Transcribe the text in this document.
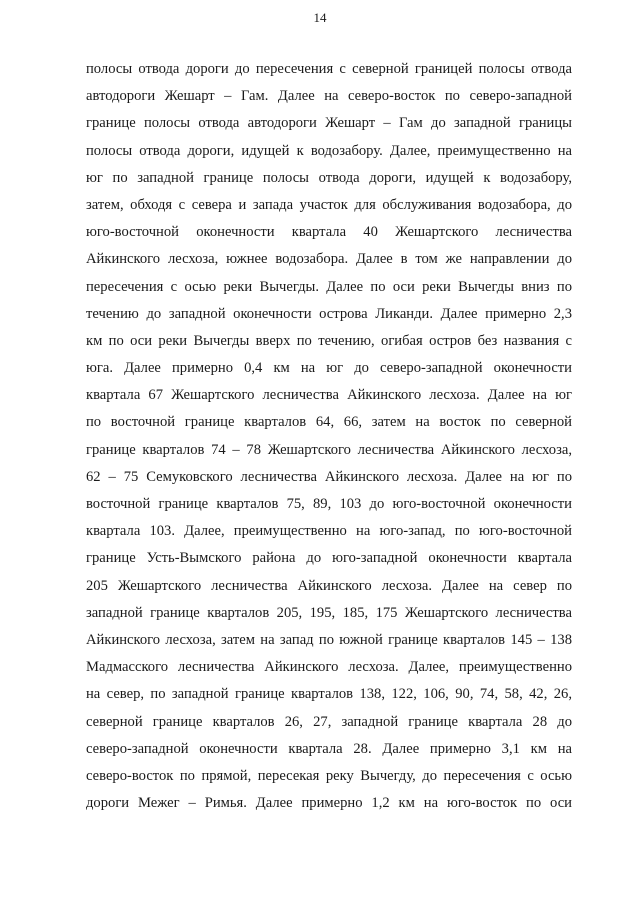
14
полосы отвода дороги до пересечения с северной границей полосы отвода
автодороги Жешарт – Гам. Далее на северо-восток по северо-западной
границе полосы отвода автодороги Жешарт – Гам до западной границы
полосы отвода дороги, идущей к водозабору. Далее, преимущественно на
юг по западной границе полосы отвода дороги, идущей к водозабору,
затем, обходя с севера и запада участок для обслуживания водозабора, до
юго-восточной оконечности квартала 40 Жешартского лесничества
Айкинского лесхоза, южнее водозабора. Далее в том же направлении до
пересечения с осью реки Вычегды. Далее по оси реки Вычегды вниз по
течению до западной оконечности острова Ликанди. Далее примерно 2,3
км по оси реки Вычегды вверх по течению, огибая остров без названия с
юга. Далее примерно 0,4 км на юг до северо-западной оконечности
квартала 67 Жешартского лесничества Айкинского лесхоза. Далее на юг
по восточной границе кварталов 64, 66, затем на восток по северной
границе кварталов 74 – 78 Жешартского лесничества Айкинского лесхоза,
62 – 75 Семуковского лесничества Айкинского лесхоза. Далее на юг по
восточной границе кварталов 75, 89, 103 до юго-восточной оконечности
квартала 103. Далее, преимущественно на юго-запад, по юго-восточной
границе Усть-Вымского района до юго-западной оконечности квартала
205 Жешартского лесничества Айкинского лесхоза. Далее на север по
западной границе кварталов 205, 195, 185, 175 Жешартского лесничества
Айкинского лесхоза, затем на запад по южной границе кварталов 145 – 138
Мадмасского лесничества Айкинского лесхоза. Далее, преимущественно
на север, по западной границе кварталов 138, 122, 106, 90, 74, 58, 42, 26,
северной границе кварталов 26, 27, западной границе квартала 28 до
северо-западной оконечности квартала 28. Далее примерно 3,1 км на
северо-восток по прямой, пересекая реку Вычегду, до пересечения с осью
дороги Межег – Римья. Далее примерно 1,2 км на юго-восток по оси
